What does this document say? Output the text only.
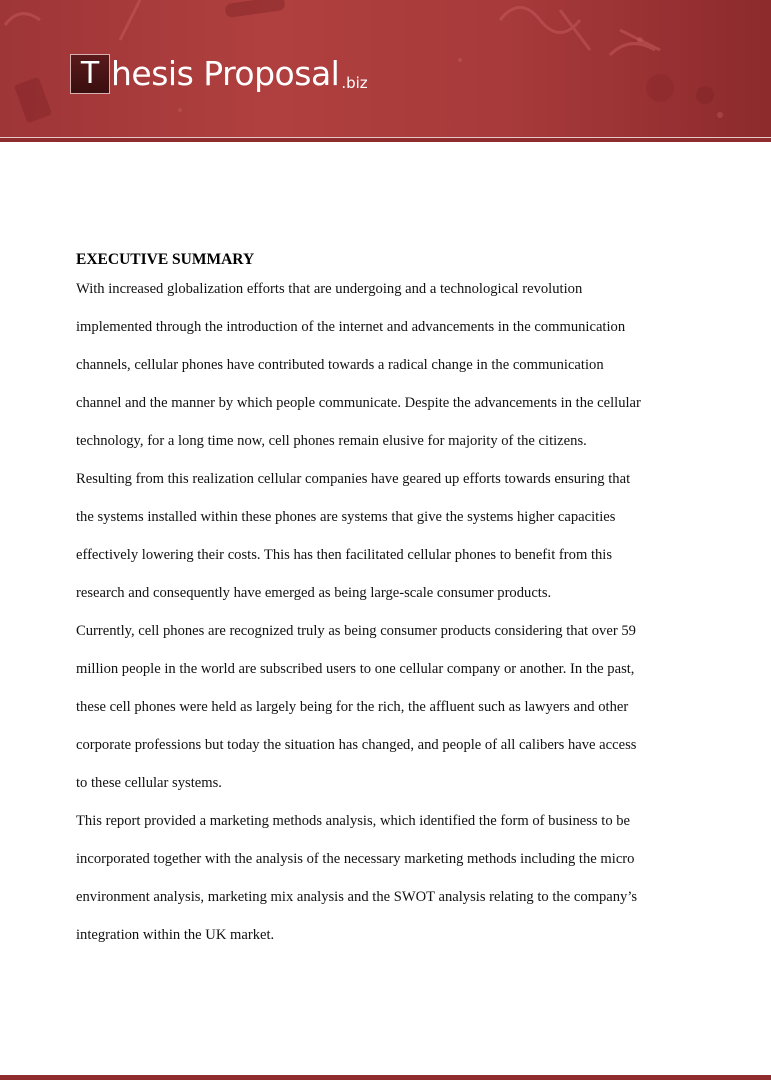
T hesis Proposal .biz
EXECUTIVE SUMMARY
With increased globalization efforts that are undergoing and a technological revolution
implemented through the introduction of the internet and advancements in the communication
channels, cellular phones have contributed towards a radical change in the communication
channel and the manner by which people communicate. Despite the advancements in the cellular
technology, for a long time now, cell phones remain elusive for majority of the citizens.
Resulting from this realization cellular companies have geared up efforts towards ensuring that
the systems installed within these phones are systems that give the systems higher capacities
effectively lowering their costs. This has then facilitated cellular phones to benefit from this
research and consequently have emerged as being large-scale consumer products.
Currently, cell phones are recognized truly as being consumer products considering that over 59
million people in the world are subscribed users to one cellular company or another. In the past,
these cell phones were held as largely being for the rich, the affluent such as lawyers and other
corporate professions but today the situation has changed, and people of all calibers have access
to these cellular systems.
This report provided a marketing methods analysis, which identified the form of business to be
incorporated together with the analysis of the necessary marketing methods including the micro
environment analysis, marketing mix analysis and the SWOT analysis relating to the company’s
integration within the UK market.
